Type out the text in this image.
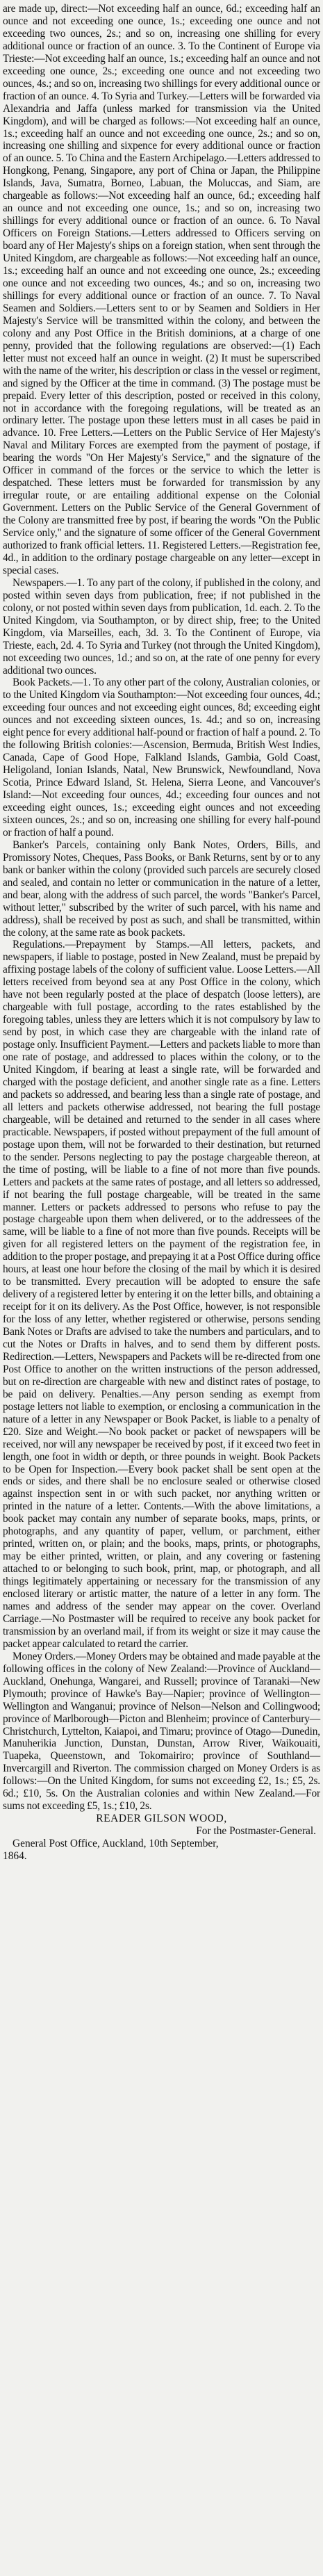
are made up, direct:—Not exceeding half an ounce, 6d.; exceeding half an ounce and not exceeding one ounce, 1s.; exceeding one ounce and not exceeding two ounces, 2s.; and so on, increasing one shilling for every additional ounce or fraction of an ounce. 3. To the Continent of Europe via Trieste:—Not exceeding half an ounce, 1s.; exceeding half an ounce and not exceeding one ounce, 2s.; exceeding one ounce and not exceeding two ounces, 4s.; and so on, increasing two shillings for every additional ounce or fraction of an ounce. 4. To Syria and Turkey.—Letters will be forwarded via Alexandria and Jaffa (unless marked for transmission via the United Kingdom), and will be charged as follows:—Not exceeding half an ounce, 1s.; exceeding half an ounce and not exceeding one ounce, 2s.; and so on, increasing one shilling and sixpence for every additional ounce or fraction of an ounce. 5. To China and the Eastern Archipelago.—Letters addressed to Hongkong, Penang, Singapore, any port of China or Japan, the Philippine Islands, Java, Sumatra, Borneo, Labuan, the Moluccas, and Siam, are chargeable as follows:—Not exceeding half an ounce, 6d.; exceeding half an ounce and not exceeding one ounce, 1s.; and so on, increasing two shillings for every additional ounce or fraction of an ounce. 6. To Naval Officers on Foreign Stations.—Letters addressed to Officers serving on board any of Her Majesty's ships on a foreign station, when sent through the United Kingdom, are chargeable as follows:—Not exceeding half an ounce, 1s.; exceeding half an ounce and not exceeding one ounce, 2s.; exceeding one ounce and not exceeding two ounces, 4s.; and so on, increasing two shillings for every additional ounce or fraction of an ounce. 7. To Naval Seamen and Soldiers.—Letters sent to or by Seamen and Soldiers in Her Majesty's Service will be transmitted within the colony, and between the colony and any Post Office in the British dominions, at a charge of one penny, provided that the following regulations are observed:—(1) Each letter must not exceed half an ounce in weight. (2) It must be superscribed with the name of the writer, his description or class in the vessel or regiment, and signed by the Officer at the time in command. (3) The postage must be prepaid. Every letter of this description, posted or received in this colony, not in accordance with the foregoing regulations, will be treated as an ordinary letter. The postage upon these letters must in all cases be paid in advance. 10. Free Letters.—Letters on the Public Service of Her Majesty's Naval and Military Forces are exempted from the payment of postage, if bearing the words "On Her Majesty's Service," and the signature of the Officer in command of the forces or the service to which the letter is despatched. These letters must be forwarded for transmission by any irregular route, or are entailing additional expense on the Colonial Government. Letters on the Public Service of the General Government of the Colony are transmitted free by post, if bearing the words "On the Public Service only," and the signature of some officer of the General Government authorized to frank official letters. 11. Registered Letters.—Registration fee, 4d., in addition to the ordinary postage chargeable on any letter—except in special cases.

Newspapers.—1. To any part of the colony, if published in the colony, and posted within seven days from publication, free; if not published in the colony, or not posted within seven days from publication, 1d. each. 2. To the United Kingdom, via Southampton, or by direct ship, free; to the United Kingdom, via Marseilles, each, 3d. 3. To the Continent of Europe, via Trieste, each, 2d. 4. To Syria and Turkey (not through the United Kingdom), not exceeding two ounces, 1d.; and so on, at the rate of one penny for every additional two ounces.

Book Packets.—1. To any other part of the colony, Australian colonies, or to the United Kingdom via Southampton:—Not exceeding four ounces, 4d.; exceeding four ounces and not exceeding eight ounces, 8d; exceeding eight ounces and not exceeding sixteen ounces, 1s. 4d.; and so on, increasing eight pence for every additional half-pound or fraction of half a pound. 2. To the following British colonies:—Ascension, Bermuda, British West Indies, Canada, Cape of Good Hope, Falkland Islands, Gambia, Gold Coast, Heligoland, Ionian Islands, Natal, New Brunswick, Newfoundland, Nova Scotia, Prince Edward Island, St. Helena, Sierra Leone, and Vancouver's Island:—Not exceeding four ounces, 4d.; exceeding four ounces and not exceeding eight ounces, 1s.; exceeding eight ounces and not exceeding sixteen ounces, 2s.; and so on, increasing one shilling for every half-pound or fraction of half a pound.

Banker's Parcels, containing only Bank Notes, Orders, Bills, and Promissory Notes, Cheques, Pass Books, or Bank Returns, sent by or to any bank or banker within the colony (provided such parcels are securely closed and sealed, and contain no letter or communication in the nature of a letter, and bear, along with the address of such parcel, the words "Banker's Parcel, without letter," subscribed by the writer of such parcel, with his name and address), shall be received by post as such, and shall be transmitted, within the colony, at the same rate as book packets.

Regulations.—Prepayment by Stamps.—All letters, packets, and newspapers, if liable to postage, posted in New Zealand, must be prepaid by affixing postage labels of the colony of sufficient value. Loose Letters.—All letters received from beyond sea at any Post Office in the colony, which have not been regularly posted at the place of despatch (loose letters), are chargeable with full postage, according to the rates established by the foregoing tables, unless they are letters which it is not compulsory by law to send by post, in which case they are chargeable with the inland rate of postage only. Insufficient Payment.—Letters and packets liable to more than one rate of postage, and addressed to places within the colony, or to the United Kingdom, if bearing at least a single rate, will be forwarded and charged with the postage deficient, and another single rate as a fine. Letters and packets so addressed, and bearing less than a single rate of postage, and all letters and packets otherwise addressed, not bearing the full postage chargeable, will be detained and returned to the sender in all cases where practicable. Newspapers, if posted without prepayment of the full amount of postage upon them, will not be forwarded to their destination, but returned to the sender. Persons neglecting to pay the postage chargeable thereon, at the time of posting, will be liable to a fine of not more than five pounds. Letters and packets at the same rates of postage, and all letters so addressed, if not bearing the full postage chargeable, will be treated in the same manner. Letters or packets addressed to persons who refuse to pay the postage chargeable upon them when delivered, or to the addressees of the same, will be liable to a fine of not more than five pounds. Receipts will be given for all registered letters on the payment of the registration fee, in addition to the proper postage, and prepaying it at a Post Office during office hours, at least one hour before the closing of the mail by which it is desired to be transmitted. Every precaution will be adopted to ensure the safe delivery of a registered letter by entering it on the letter bills, and obtaining a receipt for it on its delivery. As the Post Office, however, is not responsible for the loss of any letter, whether registered or otherwise, persons sending Bank Notes or Drafts are advised to take the numbers and particulars, and to cut the Notes or Drafts in halves, and to send them by different posts. Redirection.—Letters, Newspapers and Packets will be re-directed from one Post Office to another on the written instructions of the person addressed, but on re-direction are chargeable with new and distinct rates of postage, to be paid on delivery. Penalties.—Any person sending as exempt from postage letters not liable to exemption, or enclosing a communication in the nature of a letter in any Newspaper or Book Packet, is liable to a penalty of £20. Size and Weight.—No book packet or packet of newspapers will be received, nor will any newspaper be received by post, if it exceed two feet in length, one foot in width or depth, or three pounds in weight. Book Packets to be Open for Inspection.—Every book packet shall be sent open at the ends or sides, and there shall be no enclosure sealed or otherwise closed against inspection sent in or with such packet, nor anything written or printed in the nature of a letter. Contents.—With the above limitations, a book packet may contain any number of separate books, maps, prints, or photographs, and any quantity of paper, vellum, or parchment, either printed, written on, or plain; and the books, maps, prints, or photographs, may be either printed, written, or plain, and any covering or fastening attached to or belonging to such book, print, map, or photograph, and all things legitimately appertaining or necessary for the transmission of any enclosed literary or artistic matter, the nature of a letter in any form. The names and address of the sender may appear on the cover. Overland Carriage.—No Postmaster will be required to receive any book packet for transmission by an overland mail, if from its weight or size it may cause the packet appear calculated to retard the carrier.

Money Orders.—Money Orders may be obtained and made payable at the following offices in the colony of New Zealand:—Province of Auckland—Auckland, Onehunga, Wangarei, and Russell; province of Taranaki—New Plymouth; province of Hawke's Bay—Napier; province of Wellington—Wellington and Wanganui; province of Nelson—Nelson and Collingwood; province of Marlborough—Picton and Blenheim; province of Canterbury—Christchurch, Lyttelton, Kaiapoi, and Timaru; province of Otago—Dunedin, Manuherikia Junction, Dunstan, Dunstan, Arrow River, Waikouaiti, Tuapeka, Queenstown, and Tokomairiro; province of Southland—Invercargill and Riverton. The commission charged on Money Orders is as follows:—On the United Kingdom, for sums not exceeding £2, 1s.; £5, 2s. 6d.; £10, 5s. On the Australian colonies and within New Zealand.—For sums not exceeding £5, 1s.; £10, 2s.

READER GILSON WOOD,
For the Postmaster-General.
General Post Office, Auckland, 10th September,
1864.
